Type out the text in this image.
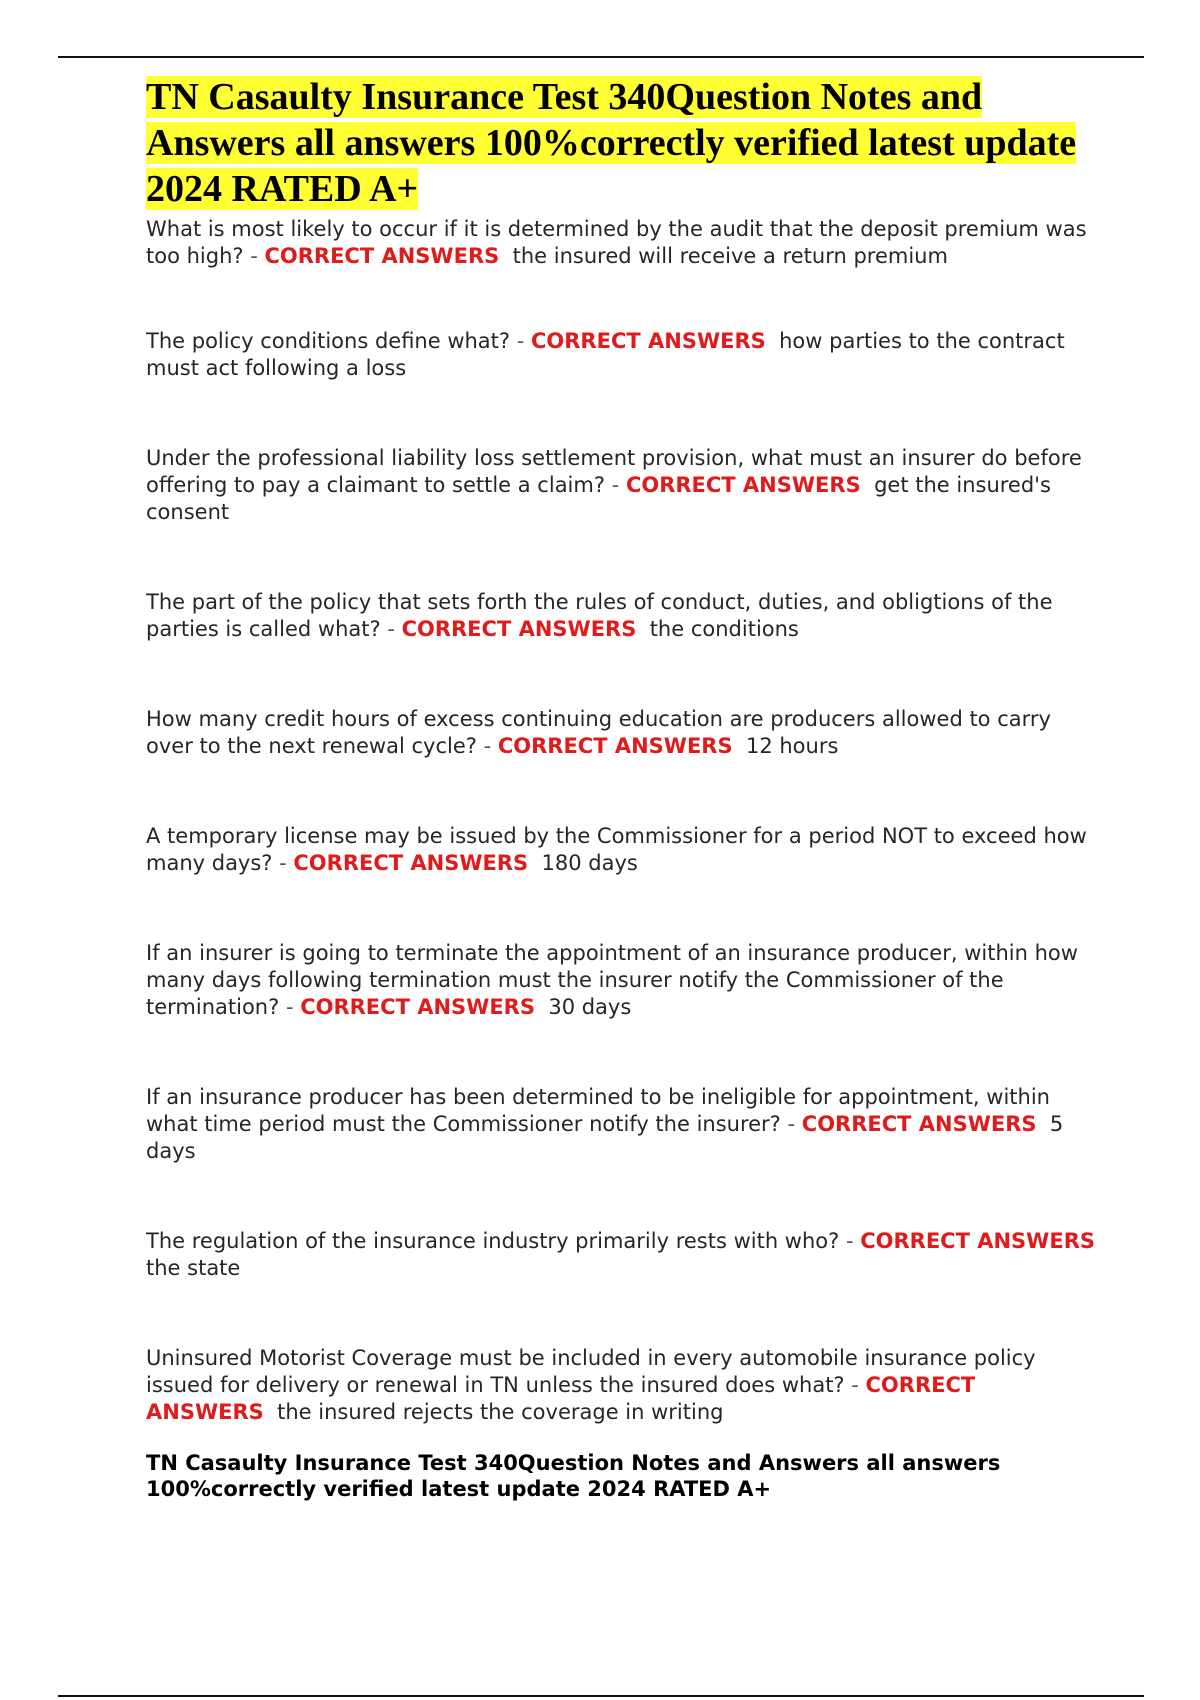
TN Casaulty Insurance Test 340Question Notes and Answers all answers 100%correctly verified latest update 2024 RATED A+
What is most likely to occur if it is determined by the audit that the deposit premium was too high? - CORRECT ANSWERS the insured will receive a return premium
The policy conditions define what? - CORRECT ANSWERS how parties to the contract must act following a loss
Under the professional liability loss settlement provision, what must an insurer do before offering to pay a claimant to settle a claim? - CORRECT ANSWERS get the insured's consent
The part of the policy that sets forth the rules of conduct, duties, and obligtions of the parties is called what? - CORRECT ANSWERS the conditions
How many credit hours of excess continuing education are producers allowed to carry over to the next renewal cycle? - CORRECT ANSWERS 12 hours
A temporary license may be issued by the Commissioner for a period NOT to exceed how many days? - CORRECT ANSWERS 180 days
If an insurer is going to terminate the appointment of an insurance producer, within how many days following termination must the insurer notify the Commissioner of the termination? - CORRECT ANSWERS 30 days
If an insurance producer has been determined to be ineligible for appointment, within what time period must the Commissioner notify the insurer? - CORRECT ANSWERS 5 days
The regulation of the insurance industry primarily rests with who? - CORRECT ANSWERS  the state
Uninsured Motorist Coverage must be included in every automobile insurance policy issued for delivery or renewal in TN unless the insured does what? - CORRECT ANSWERS the insured rejects the coverage in writing

TN Casaulty Insurance Test 340Question Notes and Answers all answers 100%correctly verified latest update 2024 RATED A+
